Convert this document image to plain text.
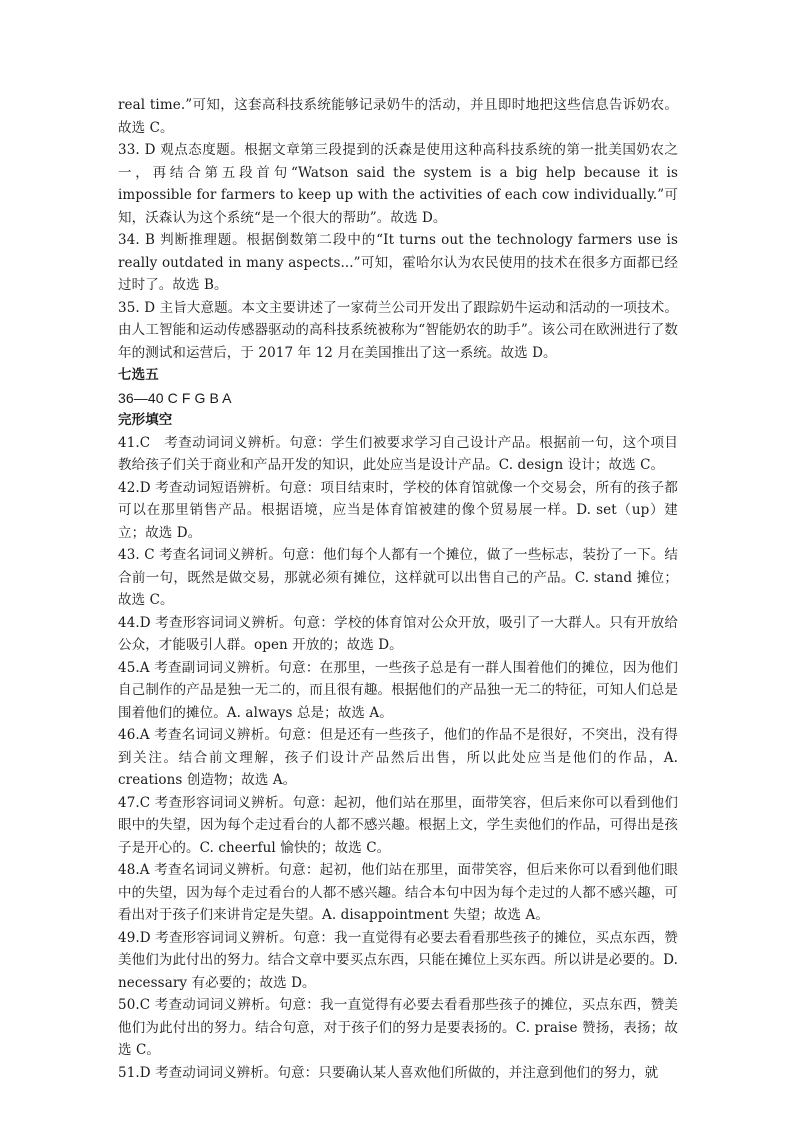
real time.”可知，这套高科技系统能够记录奶牛的活动，并且即时地把这些信息告诉奶农。故选 C。

33. D 观点态度题。根据文章第三段提到的沃森是使用这种高科技系统的第一批美国奶农之一，再结合第五段首句“Watson said the system is a big help because it is impossible for farmers to keep up with the activities of each cow individually.”可知，沃森认为这个系统“是一个很大的帮助”。故选 D。

34. B 判断推理题。根据倒数第二段中的“It turns out the technology farmers use is really outdated in many aspects...”可知，霍哈尔认为农民使用的技术在很多方面都已经过时了。故选 B。

35. D 主旨大意题。本文主要讲述了一家荷兰公司开发出了跟踪奶牛运动和活动的一项技术。由人工智能和运动传感器驱动的高科技系统被称为“智能奶农的助手”。该公司在欧洲进行了数年的测试和运营后，于 2017 年 12 月在美国推出了这一系统。故选 D。

七选五

36—40 C F G B A

完形填空

41.C　考查动词词义辨析。句意：学生们被要求学习自己设计产品。根据前一句，这个项目教给孩子们关于商业和产品开发的知识，此处应当是设计产品。C. design 设计；故选 C。

42.D 考查动词短语辨析。句意：项目结束时，学校的体育馆就像一个交易会，所有的孩子都可以在那里销售产品。根据语境，应当是体育馆被建的像个贸易展一样。D. set（up）建立；故选 D。

43. C 考查名词词义辨析。句意：他们每个人都有一个摊位，做了一些标志，装扮了一下。结合前一句，既然是做交易，那就必须有摊位，这样就可以出售自己的产品。C. stand 摊位；故选 C。

44.D 考查形容词词义辨析。句意：学校的体育馆对公众开放，吸引了一大群人。只有开放给公众，才能吸引人群。open 开放的；故选 D。

45.A 考查副词词义辨析。句意：在那里，一些孩子总是有一群人围着他们的摊位，因为他们自己制作的产品是独一无二的，而且很有趣。根据他们的产品独一无二的特征，可知人们总是围着他们的摊位。A. always 总是；故选 A。

46.A 考查名词词义辨析。句意：但是还有一些孩子，他们的作品不是很好，不突出，没有得到关注。结合前文理解，孩子们设计产品然后出售，所以此处应当是他们的作品，A. creations 创造物；故选 A。

47.C 考查形容词词义辨析。句意：起初，他们站在那里，面带笑容，但后来你可以看到他们眼中的失望，因为每个走过看台的人都不感兴趣。根据上文，学生卖他们的作品，可得出是孩子是开心的。C. cheerful 愉快的；故选 C。

48.A 考查名词词义辨析。句意：起初，他们站在那里，面带笑容，但后来你可以看到他们眼中的失望，因为每个走过看台的人都不感兴趣。结合本句中因为每个走过的人都不感兴趣，可看出对于孩子们来讲肯定是失望。A. disappointment 失望；故选 A。

49.D 考查形容词词义辨析。句意：我一直觉得有必要去看看那些孩子的摊位，买点东西，赞美他们为此付出的努力。结合文章中要买点东西，只能在摊位上买东西。所以讲是必要的。D. necessary 有必要的；故选 D。

50.C 考查动词词义辨析。句意：我一直觉得有必要去看看那些孩子的摊位，买点东西，赞美他们为此付出的努力。结合句意，对于孩子们的努力是要表扬的。C. praise 赞扬，表扬；故选 C。

51.D 考查动词词义辨析。句意：只要确认某人喜欢他们所做的，并注意到他们的努力，就
